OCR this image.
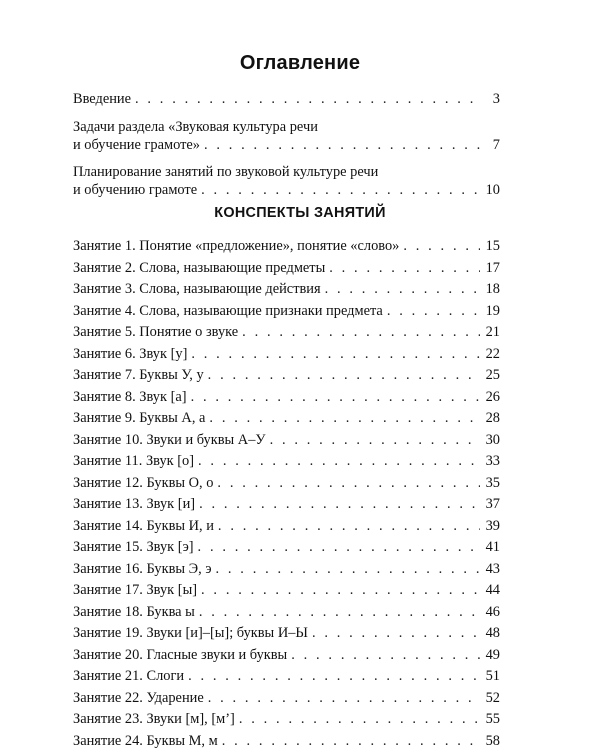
Оглавление
Введение . . .	3
Задачи раздела «Звуковая культура речи
и обучение грамоте» . . .	7
Планирование занятий по звуковой культуре речи
и обучению грамоте . . .	10
КОНСПЕКТЫ ЗАНЯТИЙ
Занятие 1. Понятие «предложение», понятие «слово» . . .	15
Занятие 2. Слова, называющие предметы . . .	17
Занятие 3. Слова, называющие действия . . .	18
Занятие 4. Слова, называющие признаки предмета . . .	19
Занятие 5. Понятие о звуке . . .	21
Занятие 6. Звук [у] . . .	22
Занятие 7. Буквы У, у . . .	25
Занятие 8. Звук [а] . . .	26
Занятие 9. Буквы А, а . . .	28
Занятие 10. Звуки и буквы А–У . . .	30
Занятие 11. Звук [о] . . .	33
Занятие 12. Буквы О, о . . .	35
Занятие 13. Звук [и] . . .	37
Занятие 14. Буквы И, и . . .	39
Занятие 15. Звук [э] . . .	41
Занятие 16. Буквы Э, э . . .	43
Занятие 17. Звук [ы] . . .	44
Занятие 18. Буква ы . . .	46
Занятие 19. Звуки [и]–[ы]; буквы И–Ы . . .	48
Занятие 20. Гласные звуки и буквы . . .	49
Занятие 21. Слоги . . .	51
Занятие 22. Ударение . . .	52
Занятие 23. Звуки [м], [м’] . . .	55
Занятие 24. Буквы М, м . . .	58
